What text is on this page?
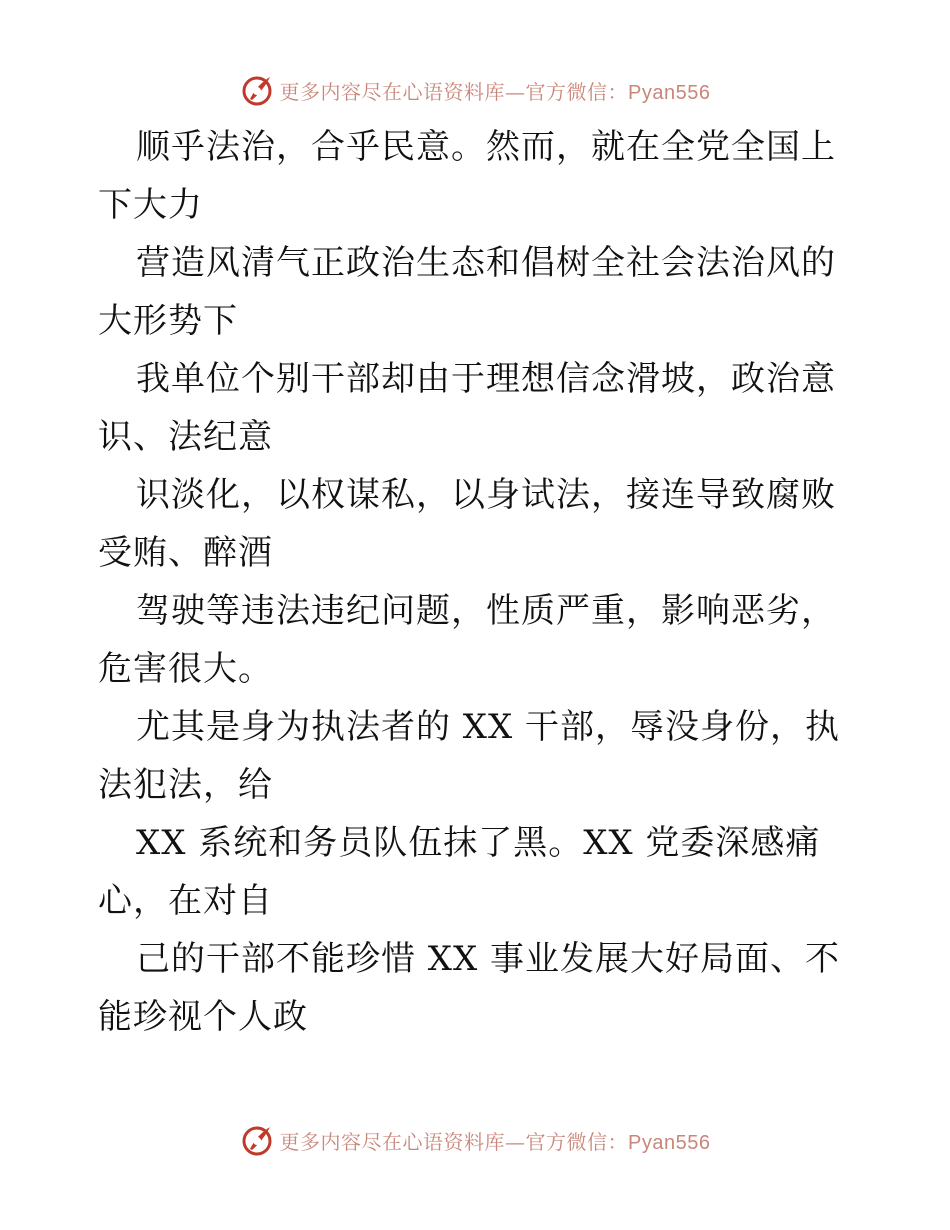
更多内容尽在心语资料库—官方微信：Pyan556

顺乎法治，合乎民意。然而，就在全党全国上下大力

营造风清气正政治生态和倡树全社会法治风的大形势下

我单位个别干部却由于理想信念滑坡，政治意识、法纪意

识淡化，以权谋私，以身试法，接连导致腐败受贿、醉酒

驾驶等违法违纪问题，性质严重，影响恶劣，危害很大。

尤其是身为执法者的 XX 干部，辱没身份，执法犯法，给

XX 系统和务员队伍抹了黑。XX 党委深感痛心，在对自

己的干部不能珍惜 XX 事业发展大好局面、不能珍视个人政

更多内容尽在心语资料库—官方微信：Pyan556
